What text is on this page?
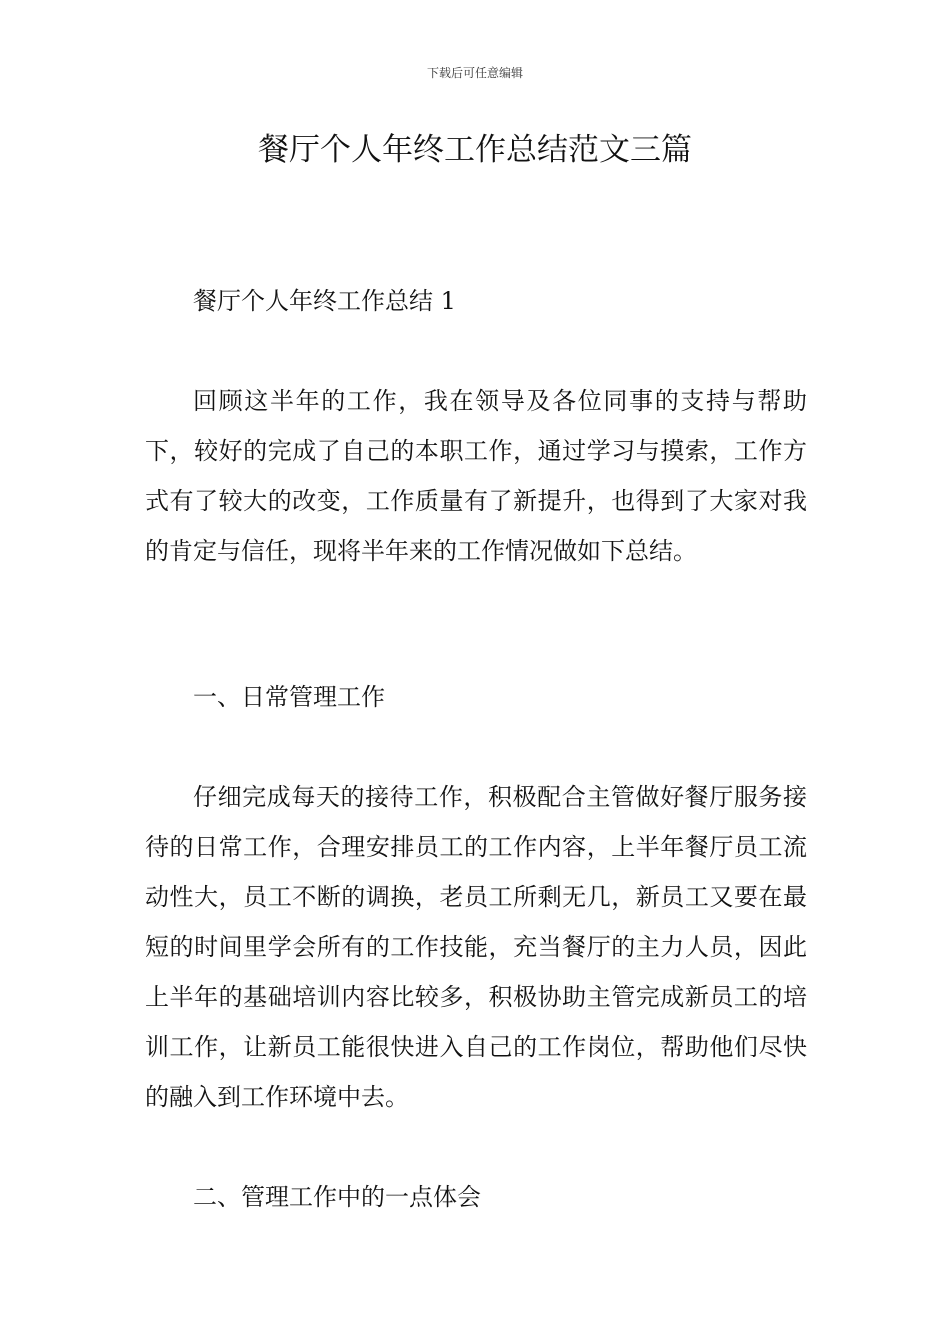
下载后可任意编辑
餐厅个人年终工作总结范文三篇

餐厅个人年终工作总结 1

回顾这半年的工作，我在领导及各位同事的支持与帮助下，较好的完成了自己的本职工作，通过学习与摸索，工作方式有了较大的改变，工作质量有了新提升，也得到了大家对我的肯定与信任，现将半年来的工作情况做如下总结。

一、日常管理工作

仔细完成每天的接待工作，积极配合主管做好餐厅服务接待的日常工作，合理安排员工的工作内容，上半年餐厅员工流动性大，员工不断的调换，老员工所剩无几，新员工又要在最短的时间里学会所有的工作技能，充当餐厅的主力人员，因此上半年的基础培训内容比较多，积极协助主管完成新员工的培训工作，让新员工能很快进入自己的工作岗位，帮助他们尽快的融入到工作环境中去。

二、管理工作中的一点体会
